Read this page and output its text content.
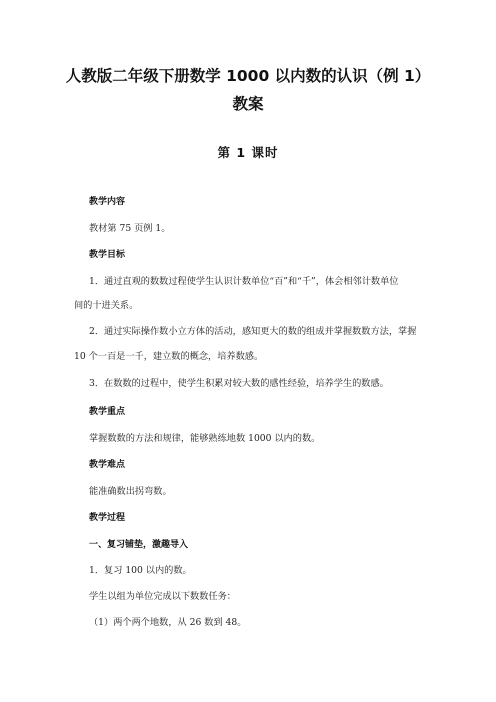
人教版二年级下册数学 1000 以内数的认识（例 1）
教案
第 1 课时
教学内容
教材第 75 页例 1。
教学目标
1．通过直观的数数过程使学生认识计数单位“百”和“千”，体会相邻计数单位
间的十进关系。
2．通过实际操作数小立方体的活动，感知更大的数的组成并掌握数数方法，掌握
10 个一百是一千，建立数的概念，培养数感。
3．在数数的过程中，使学生积累对较大数的感性经验，培养学生的数感。
教学重点
掌握数数的方法和规律，能够熟练地数 1000 以内的数。
教学难点
能准确数出拐弯数。
教学过程
一、复习铺垫，激趣导入
1．复习 100 以内的数。
学生以组为单位完成以下数数任务：
（1）两个两个地数，从 26 数到 48。
